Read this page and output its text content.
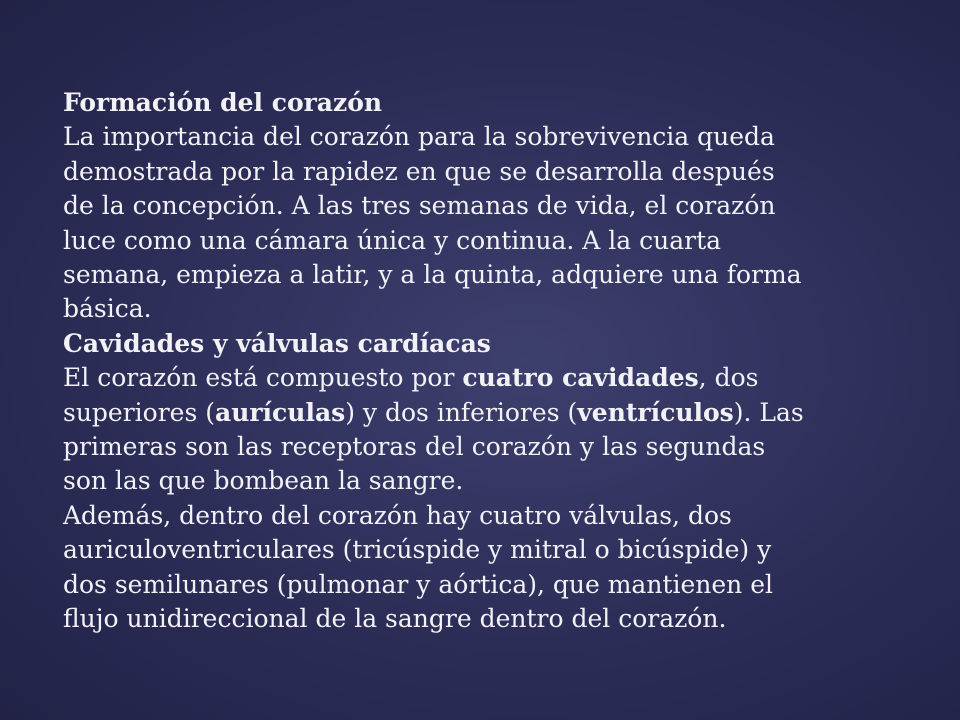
Formación del corazón
La importancia del corazón para la sobrevivencia queda
demostrada por la rapidez en que se desarrolla después
de la concepción. A las tres semanas de vida, el corazón
luce como una cámara única y continua. A la cuarta
semana, empieza a latir, y a la quinta, adquiere una forma
básica.
Cavidades y válvulas cardíacas
El corazón está compuesto por cuatro cavidades, dos
superiores (aurículas) y dos inferiores (ventrículos). Las
primeras son las receptoras del corazón y las segundas
son las que bombean la sangre.
Además, dentro del corazón hay cuatro válvulas, dos
auriculoventriculares (tricúspide y mitral o bicúspide) y
dos semilunares (pulmonar y aórtica), que mantienen el
flujo unidireccional de la sangre dentro del corazón.
